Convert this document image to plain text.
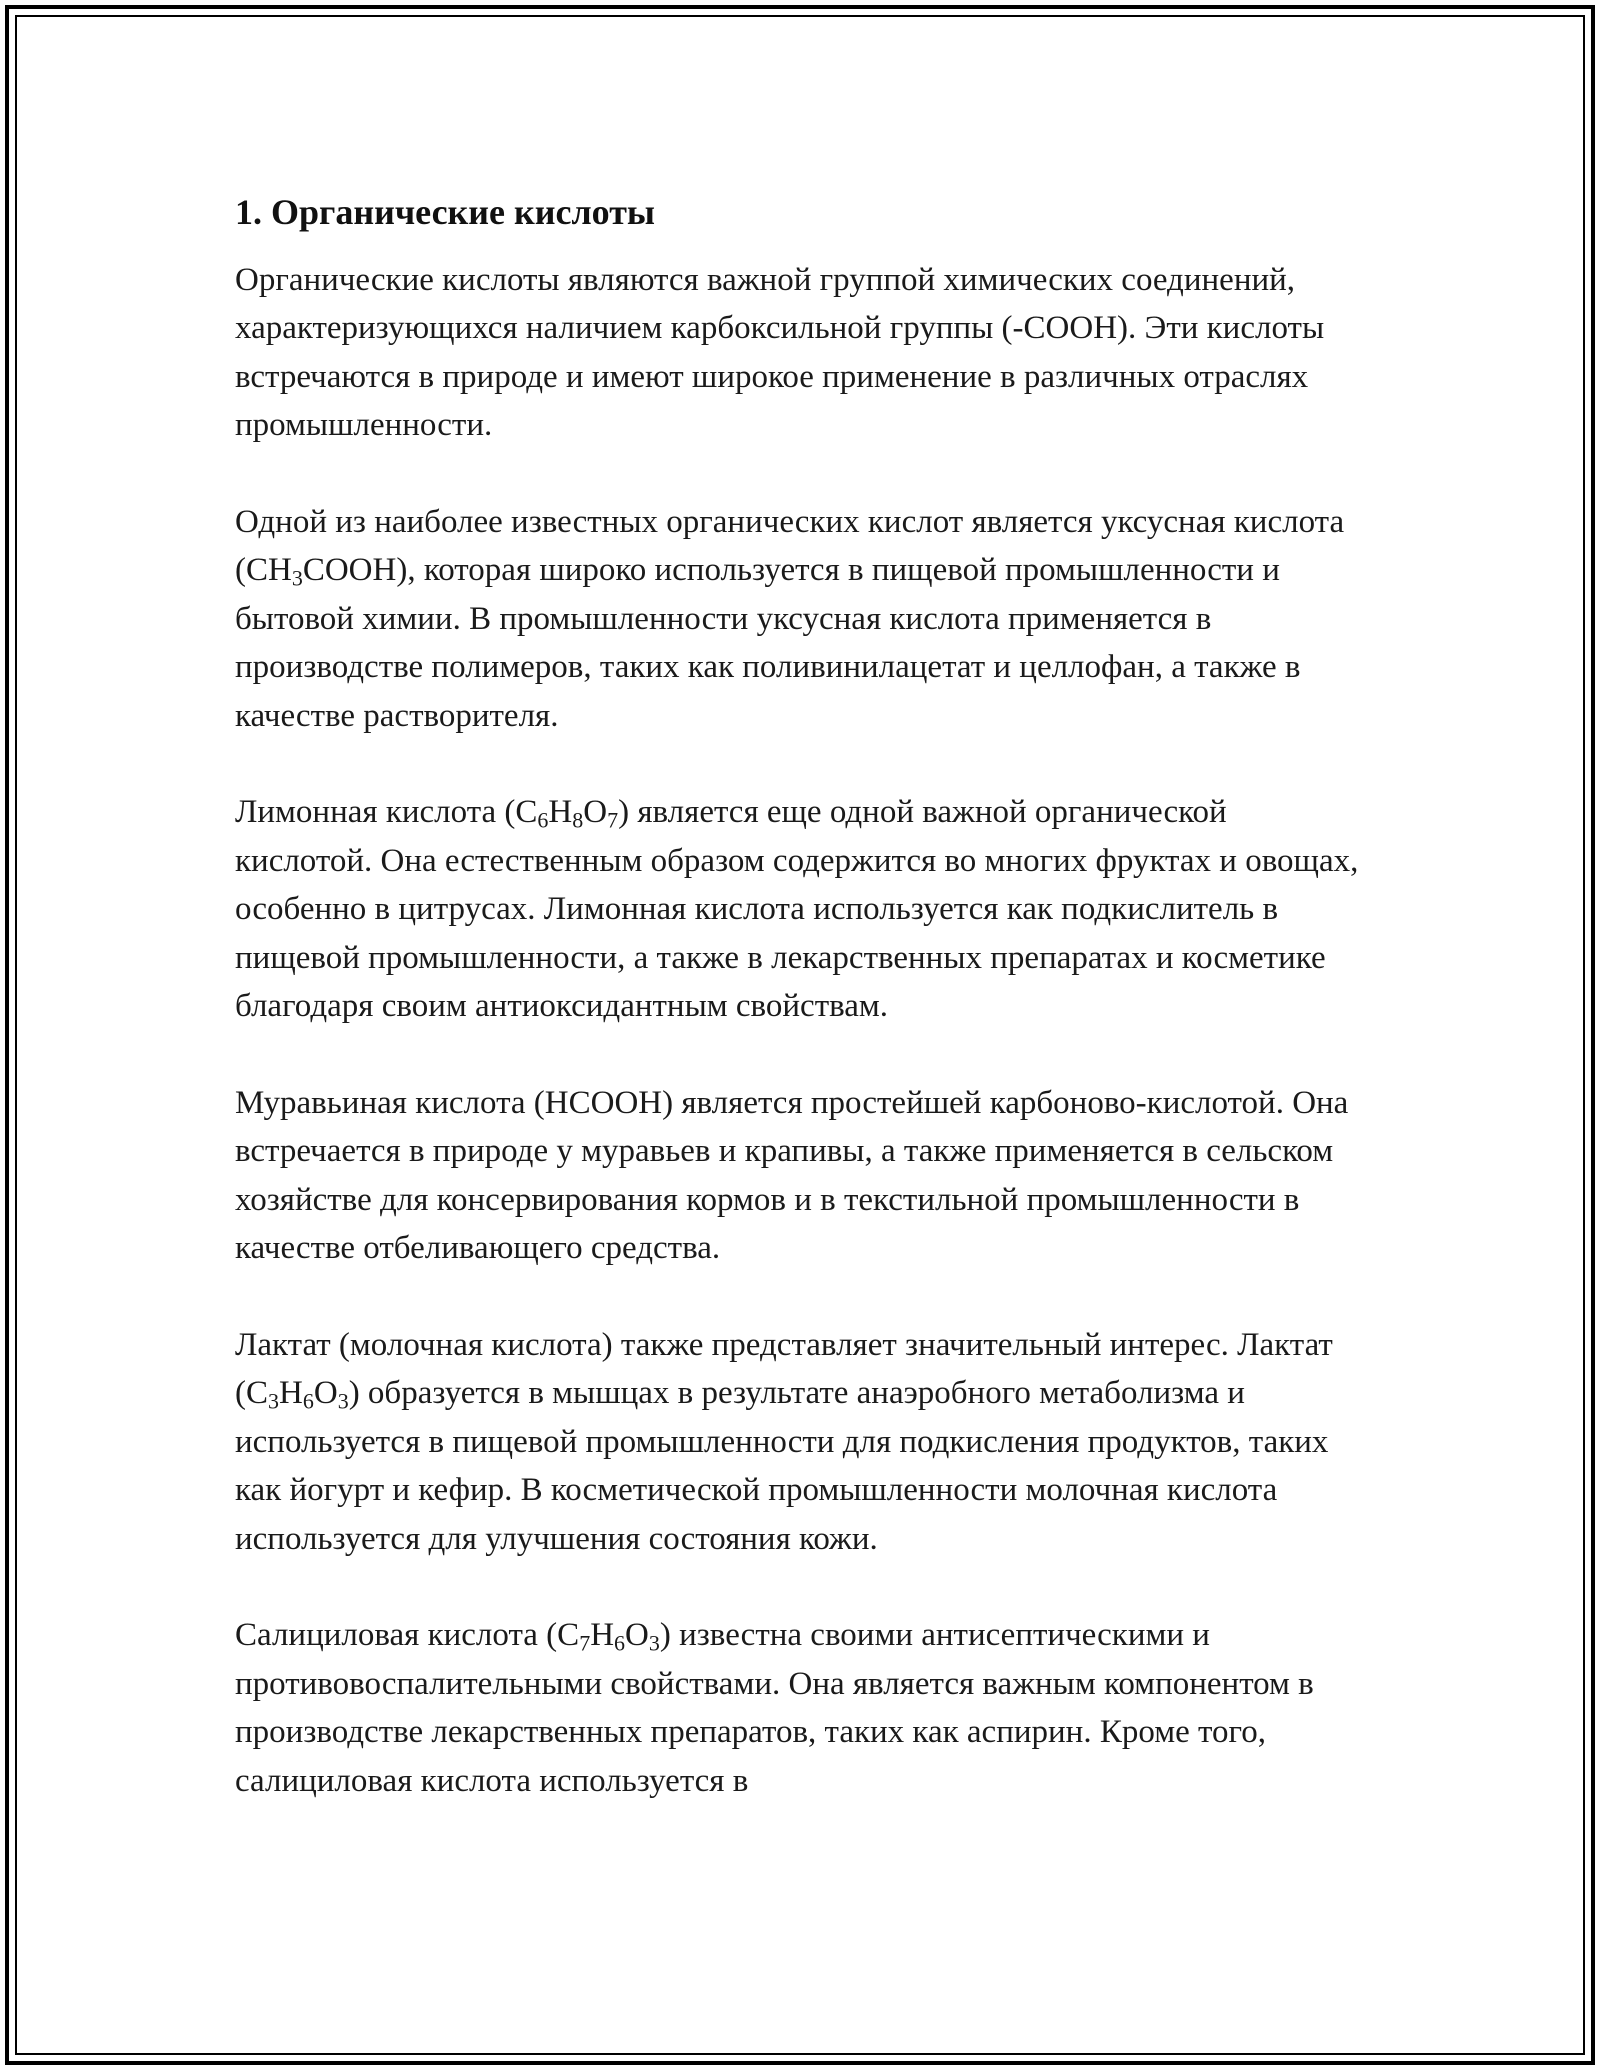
1. Органические кислоты

Органические кислоты являются важной группой химических соединений, характеризующихся наличием карбоксильной группы (-COOH). Эти кислоты встречаются в природе и имеют широкое применение в различных отраслях промышленности.

Одной из наиболее известных органических кислот является уксусная кислота $(CH_3COOH)$, которая широко используется в пищевой промышленности и бытовой химии. В промышленности уксусная кислота применяется в производстве полимеров, таких как поливинилацетат и целлофан, а также в качестве растворителя.

Лимонная кислота $(C_6H_8O_7)$ является еще одной важной органической кислотой. Она естественным образом содержится во многих фруктах и овощах, особенно в цитрусах. Лимонная кислота используется как подкислитель в пищевой промышленности, а также в лекарственных препаратах и косметике благодаря своим антиоксидантным свойствам.

Муравьиная кислота (HCOOH) является простейшей карбоново-кислотой. Она встречается в природе у муравьев и крапивы, а также применяется в сельском хозяйстве для консервирования кормов и в текстильной промышленности в качестве отбеливающего средства.

Лактат (молочная кислота) также представляет значительный интерес. Лактат $(C_3H_6O_3)$ образуется в мышцах в результате анаэробного метаболизма и используется в пищевой промышленности для подкисления продуктов, таких как йогурт и кефир. В косметической промышленности молочная кислота используется для улучшения состояния кожи.

Салициловая кислота $(C_7H_6O_3)$ известна своими антисептическими и противовоспалительными свойствами. Она является важным компонентом в производстве лекарственных препаратов, таких как аспирин. Кроме того, салициловая кислота используется в
